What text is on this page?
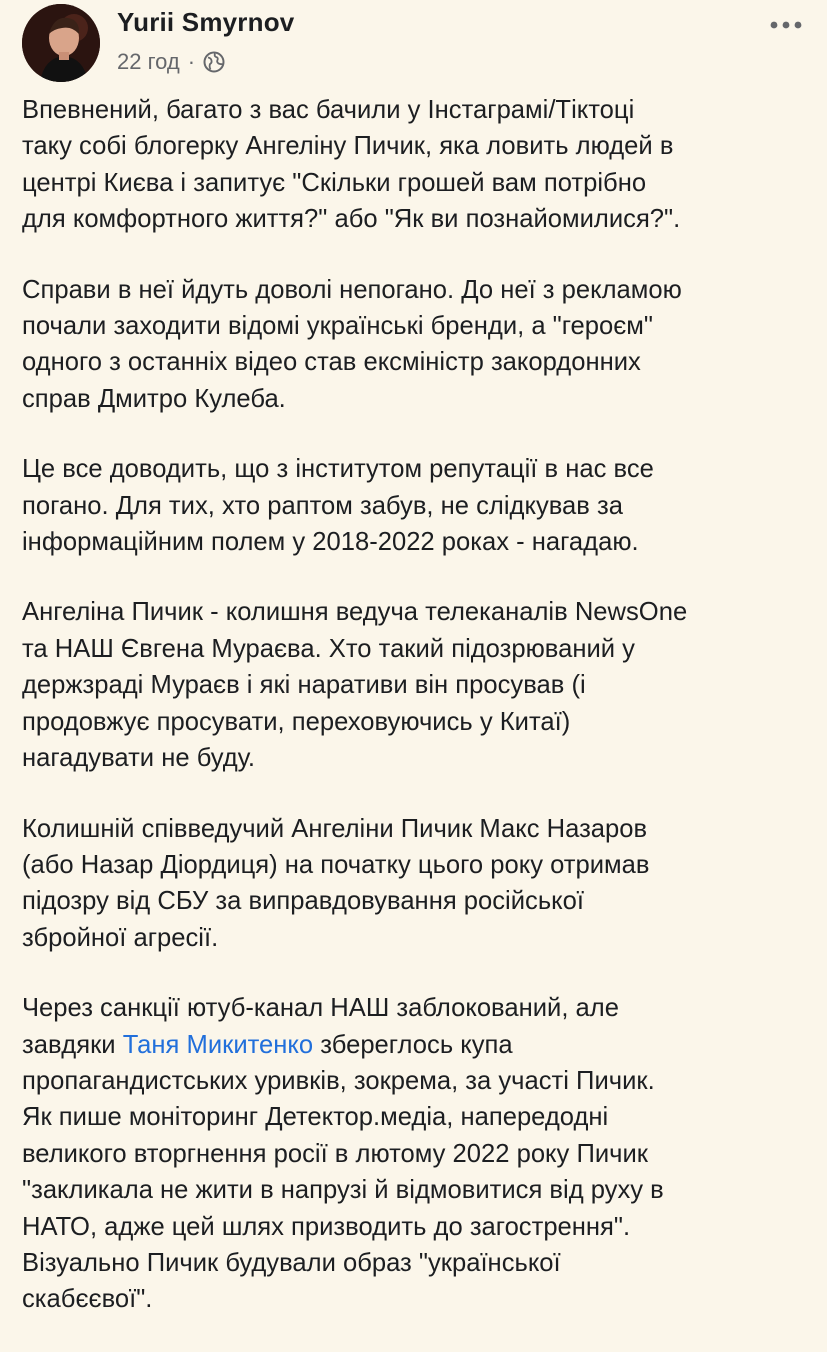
Yurii Smyrnov
22 год ·
Впевнений, багато з вас бачили у Інстаграмі/Тіктоці
таку собі блогерку Ангеліну Пичик, яка ловить людей в
центрі Києва і запитує "Скільки грошей вам потрібно
для комфортного життя?" або "Як ви познайомилися?".
Справи в неї йдуть доволі непогано. До неї з рекламою
почали заходити відомі українські бренди, а "героєм"
одного з останніх відео став ексміністр закордонних
справ Дмитро Кулеба.
Це все доводить, що з інститутом репутації в нас все
погано. Для тих, хто раптом забув, не слідкував за
інформаційним полем у 2018-2022 роках - нагадаю.
Ангеліна Пичик - колишня ведуча телеканалів NewsOne
та НАШ Євгена Мураєва. Хто такий підозрюваний у
держзраді Мураєв і які наративи він просував (і
продовжує просувати, переховуючись у Китаї)
нагадувати не буду.
Колишній співведучий Ангеліни Пичик Макс Назаров
(або Назар Діордиця) на початку цього року отримав
підозру від СБУ за виправдовування російської
збройної агресії.
Через санкції ютуб-канал НАШ заблокований, але
завдяки Таня Микитенко збереглось купа
пропагандистських уривків, зокрема, за участі Пичик.
Як пише моніторинг Детектор.медіа, напередодні
великого вторгнення росії в лютому 2022 року Пичик
"закликала не жити в напрузі й відмовитися від руху в
НАТО, адже цей шлях призводить до загострення".
Візуально Пичик будували образ "української
скабєєвої".
